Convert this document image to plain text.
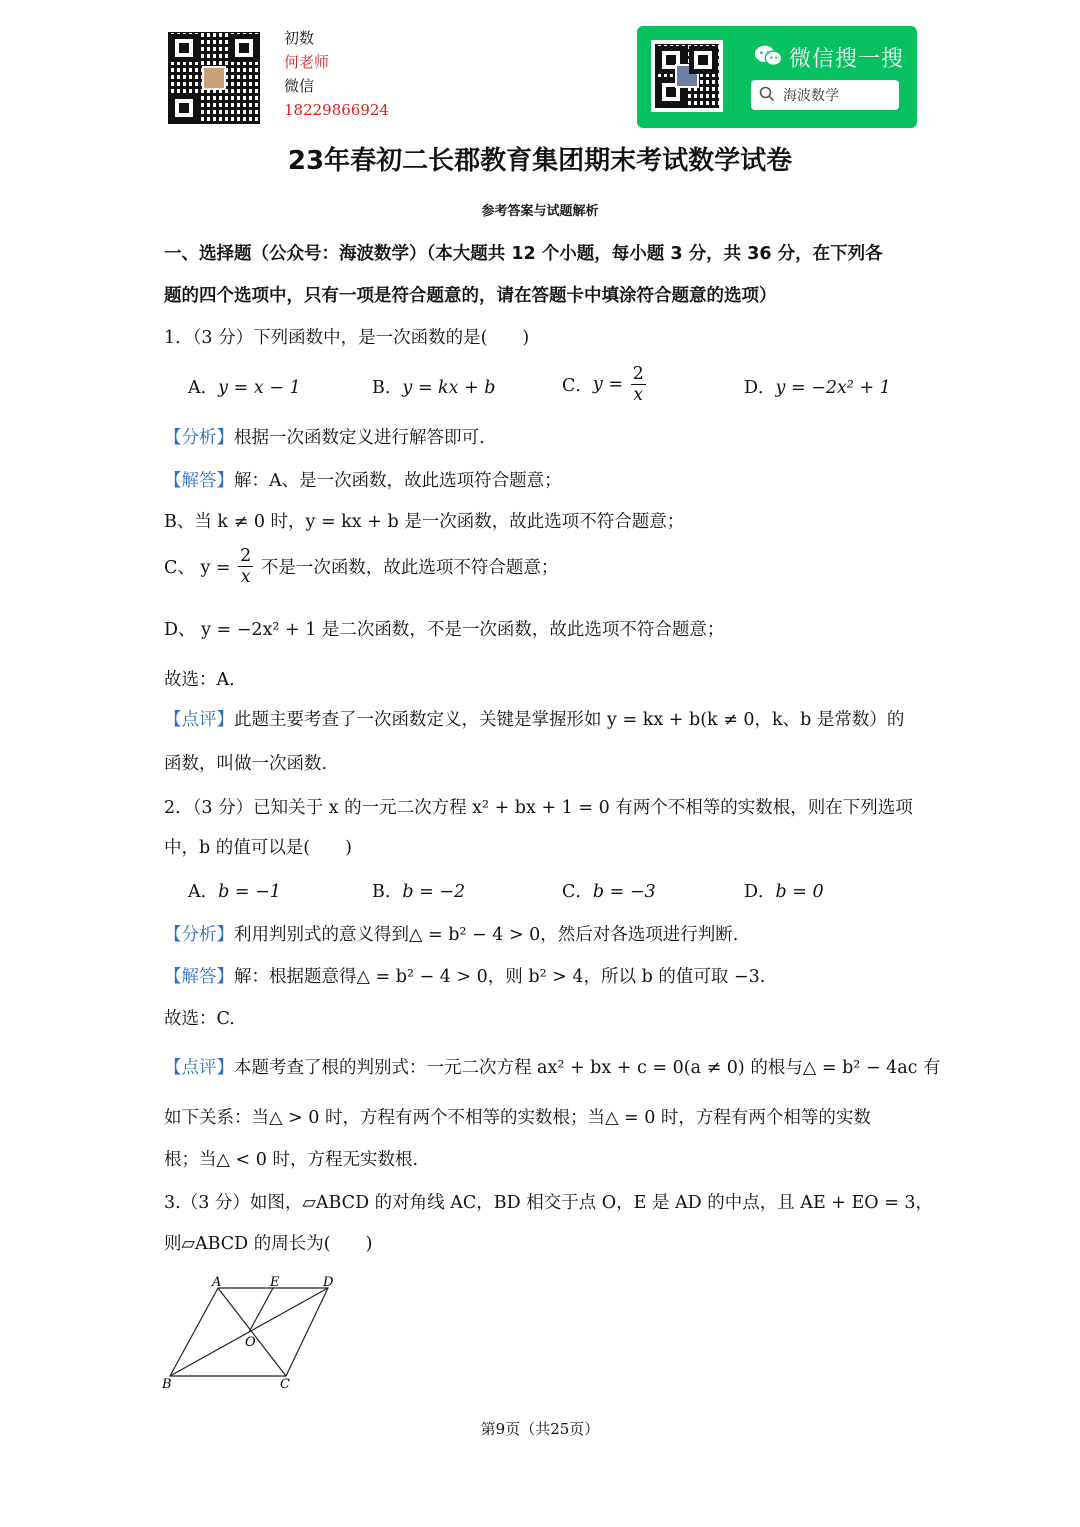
初数
何老师
微信
18229866924
微信搜一搜
海波数学
23年春初二长郡教育集团期末考试数学试卷
参考答案与试题解析
一、选择题（公众号：海波数学）（本大题共 12 个小题，每小题 3 分，共 36 分，在下列各
题的四个选项中，只有一项是符合题意的，请在答题卡中填涂符合题意的选项）
1．（3 分）下列函数中，是一次函数的是(　　)
A．y = x − 1	B．y = kx + b	C．$y = \frac{2}{x}$	D．y = −2x² + 1
【分析】根据一次函数定义进行解答即可.
【解答】解：A、是一次函数，故此选项符合题意；
B、当 k ≠ 0 时，y = kx + b 是一次函数，故此选项不符合题意；
C、 $y = \frac{2}{x}$ 不是一次函数，故此选项不符合题意；
D、 y = −2x² + 1 是二次函数，不是一次函数，故此选项不符合题意；
故选：A.
【点评】此题主要考查了一次函数定义，关键是掌握形如 y = kx + b(k ≠ 0，k、b 是常数）的
函数，叫做一次函数.
2．（3 分）已知关于 x 的一元二次方程 x² + bx + 1 = 0 有两个不相等的实数根，则在下列选项
中，b 的值可以是(　　)
A．b = −1	B．b = −2	C．b = −3	D．b = 0
【分析】利用判别式的意义得到△ = b² − 4 > 0，然后对各选项进行判断.
【解答】解：根据题意得△ = b² − 4 > 0，则 b² > 4，所以 b 的值可取 −3.
故选：C.
【点评】本题考查了根的判别式：一元二次方程 ax² + bx + c = 0(a ≠ 0) 的根与△ = b² − 4ac 有
如下关系：当△ > 0 时，方程有两个不相等的实数根；当△ = 0 时，方程有两个相等的实数
根；当△ < 0 时，方程无实数根.
3.（3 分）如图，▱ABCD 的对角线 AC，BD 相交于点 O，E 是 AD 的中点，且 AE + EO = 3，
则▱ABCD 的周长为(　　)
A	E	D
O
B	C
第9页（共25页）
